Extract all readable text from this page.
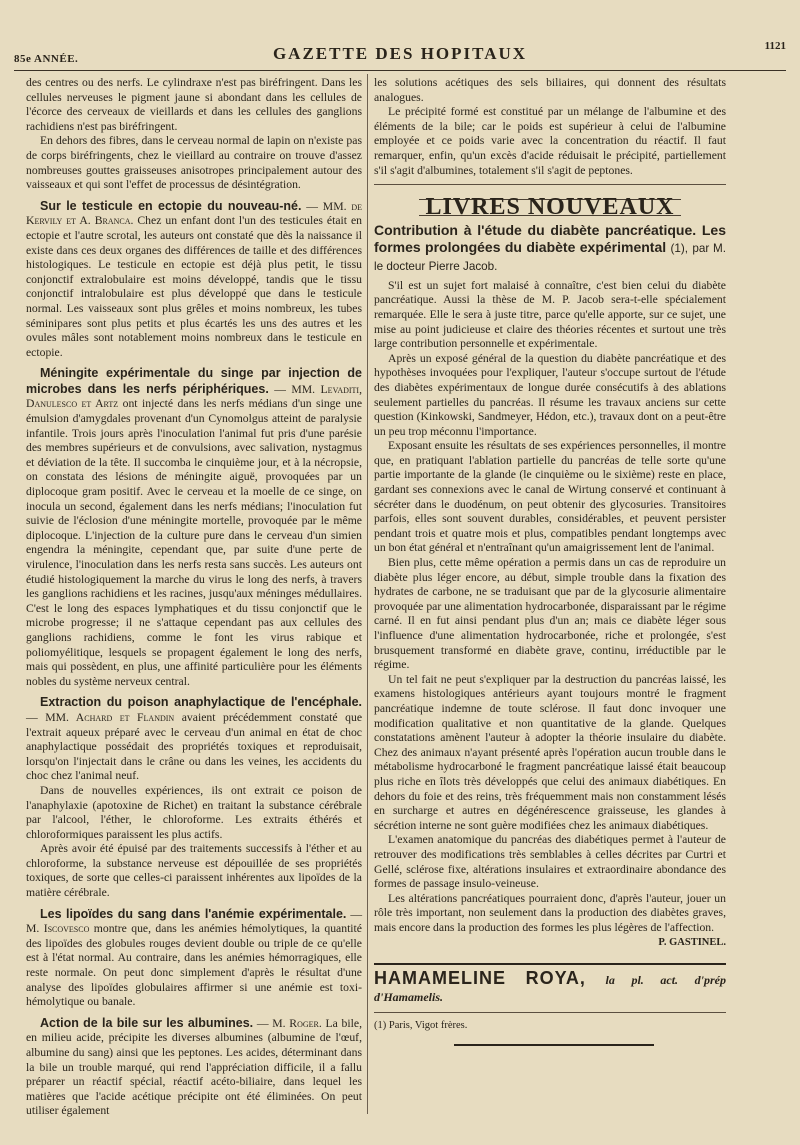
85e ANNÉE.	GAZETTE DES HOPITAUX	1121

des centres ou des nerfs. Le cylindraxe n'est pas biréfringent. Dans les cellules nerveuses le pigment jaune si abondant dans les cellules de l'écorce des cerveaux de vieillards et dans les cellules des ganglions rachidiens n'est pas biréfringent.

En dehors des fibres, dans le cerveau normal de lapin on n'existe pas de corps biréfringents, chez le vieillard au contraire on trouve d'assez nombreuses gouttes graisseuses anisotropes principalement autour des vaisseaux et qui sont l'effet de processus de désintégration.

Sur le testicule en ectopie du nouveau-né. — MM. de Kervily et A. Branca. Chez un enfant dont l'un des testicules était en ectopie et l'autre scrotal, les auteurs ont constaté que dès la naissance il existe dans ces deux organes des différences de taille et des différences histologiques. Le testicule en ectopie est déjà plus petit, le tissu conjonctif extralobulaire est moins développé, tandis que le tissu conjonctif intralobulaire est plus développé que dans le testicule normal. Les vaisseaux sont plus grêles et moins nombreux, les tubes séminipares sont plus petits et plus écartés les uns des autres et les ovules mâles sont notablement moins nombreux dans le testicule en ectopie.

Méningite expérimentale du singe par injection de microbes dans les nerfs périphériques. — MM. Levaditi, Danulesco et Artz ont injecté dans les nerfs médians d'un singe une émulsion d'amygdales provenant d'un Cynomolgus atteint de paralysie infantile. Trois jours après l'inoculation l'animal fut pris d'une parésie des membres supérieurs et de convulsions, avec salivation, nystagmus et déviation de la tête. Il succomba le cinquième jour, et à la nécropsie, on constata des lésions de méningite aiguë, provoquées par un diplocoque gram positif. Avec le cerveau et la moelle de ce singe, on inocula un second, également dans les nerfs médians; l'inoculation fut suivie de l'éclosion d'une méningite mortelle, provoquée par le même diplocoque. L'injection de la culture pure dans le cerveau d'un simien engendra la méningite, cependant que, par suite d'une perte de virulence, l'inoculation dans les nerfs resta sans succès. Les auteurs ont étudié histologiquement la marche du virus le long des nerfs, à travers les ganglions rachidiens et les racines, jusqu'aux méninges médullaires. C'est le long des espaces lymphatiques et du tissu conjonctif que le microbe progresse; il ne s'attaque cependant pas aux cellules des ganglions rachidiens, comme le font les virus rabique et poliomyélitique, lesquels se propagent également le long des nerfs, mais qui possèdent, en plus, une affinité particulière pour les éléments nobles du système nerveux central.

Extraction du poison anaphylactique de l'encéphale. — MM. Achard et Flandin avaient précédemment constaté que l'extrait aqueux préparé avec le cerveau d'un animal en état de choc anaphylactique possédait des propriétés toxiques et reproduisait, lorsqu'on l'injectait dans le crâne ou dans les veines, les accidents du choc chez l'animal neuf.

Dans de nouvelles expériences, ils ont extrait ce poison de l'anaphylaxie (apotoxine de Richet) en traitant la substance cérébrale par l'alcool, l'éther, le chloroforme. Les extraits éthérés et chloroformiques paraissent les plus actifs.

Après avoir été épuisé par des traitements successifs à l'éther et au chloroforme, la substance nerveuse est dépouillée de ses propriétés toxiques, de sorte que celles-ci paraissent inhérentes aux lipoïdes de la matière cérébrale.

Les lipoïdes du sang dans l'anémie expérimentale. — M. Iscovesco montre que, dans les anémies hémolytiques, la quantité des lipoïdes des globules rouges devient double ou triple de ce qu'elle est à l'état normal. Au contraire, dans les anémies hémorragiques, elle reste normale. On peut donc simplement d'après le résultat d'une analyse des lipoïdes globulaires affirmer si une anémie est toxi-hémolytique ou banale.

Action de la bile sur les albumines. — M. Roger. La bile, en milieu acide, précipite les diverses albumines (albumine de l'œuf, albumine du sang) ainsi que les peptones. Les acides, déterminant dans la bile un trouble marqué, qui rend l'appréciation difficile, il a fallu préparer un réactif spécial, réactif acéto-biliaire, dans lequel les matières que l'acide acétique précipite ont été éliminées. On peut utiliser également

les solutions acétiques des sels biliaires, qui donnent des résultats analogues.

Le précipité formé est constitué par un mélange de l'albumine et des éléments de la bile; car le poids est supérieur à celui de l'albumine employée et ce poids varie avec la concentration du réactif. Il faut remarquer, enfin, qu'un excès d'acide réduisait le précipité, partiellement s'il s'agit d'albumines, totalement s'il s'agit de peptones.

LIVRES NOUVEAUX
Contribution à l'étude du diabète pancréatique. Les formes prolongées du diabète expérimental (1), par M. le docteur Pierre Jacob.

S'il est un sujet fort malaisé à connaître, c'est bien celui du diabète pancréatique. Aussi la thèse de M. P. Jacob sera-t-elle spécialement remarquée. Elle le sera à juste titre, parce qu'elle apporte, sur ce sujet, une mise au point judicieuse et claire des théories récentes et surtout une très large contribution personnelle et expérimentale.

Après un exposé général de la question du diabète pancréatique et des hypothèses invoquées pour l'expliquer, l'auteur s'occupe surtout de l'étude des diabètes expérimentaux de longue durée consécutifs à des ablations seulement partielles du pancréas. Il résume les travaux anciens sur cette question (Kinkowski, Sandmeyer, Hédon, etc.), travaux dont on a peut-être un peu trop méconnu l'importance.

Exposant ensuite les résultats de ses expériences personnelles, il montre que, en pratiquant l'ablation partielle du pancréas de telle sorte qu'une partie importante de la glande (le cinquième ou le sixième) reste en place, gardant ses connexions avec le canal de Wirtung conservé et continuant à sécréter dans le duodénum, on peut obtenir des glycosuries. Transitoires parfois, elles sont souvent durables, considérables, et peuvent persister pendant trois et quatre mois et plus, compatibles pendant longtemps avec un bon état général et n'entraînant qu'un amaigrissement lent de l'animal.

Bien plus, cette même opération a permis dans un cas de reproduire un diabète plus léger encore, au début, simple trouble dans la fixation des hydrates de carbone, ne se traduisant que par de la glycosurie alimentaire provoquée par une alimentation hydrocarbonée, disparaissant par le régime carné. Il en fut ainsi pendant plus d'un an; mais ce diabète léger sous l'influence d'une alimentation hydrocarbonée, riche et prolongée, s'est brusquement transformé en diabète grave, continu, irréductible par le régime.

Un tel fait ne peut s'expliquer par la destruction du pancréas laissé, les examens histologiques antérieurs ayant toujours montré le fragment pancréatique indemne de toute sclérose. Il faut donc invoquer une modification qualitative et non quantitative de la glande. Quelques constatations amènent l'auteur à adopter la théorie insulaire du diabète. Chez des animaux n'ayant présenté après l'opération aucun trouble dans le métabolisme hydrocarboné le fragment pancréatique laissé était beaucoup plus riche en îlots très développés que celui des animaux diabétiques. En dehors du foie et des reins, très fréquemment mais non constamment lésés en surcharge et autres en dégénérescence graisseuse, les glandes à sécrétion interne ne sont guère modifiées chez les animaux diabétiques.

L'examen anatomique du pancréas des diabétiques permet à l'auteur de retrouver des modifications très semblables à celles décrites par Curtri et Gellé, sclérose fixe, altérations insulaires et extraordinaire abondance des formes de passage insulo-veineuse.

Les altérations pancréatiques pourraient donc, d'après l'auteur, jouer un rôle très important, non seulement dans la production des diabètes graves, mais encore dans la production des formes les plus légères de l'affection.

P. GASTINEL.
HAMAMELINE ROYA, la pl. act. d'prép d'Hamamelis.
(1) Paris, Vigot frères.
